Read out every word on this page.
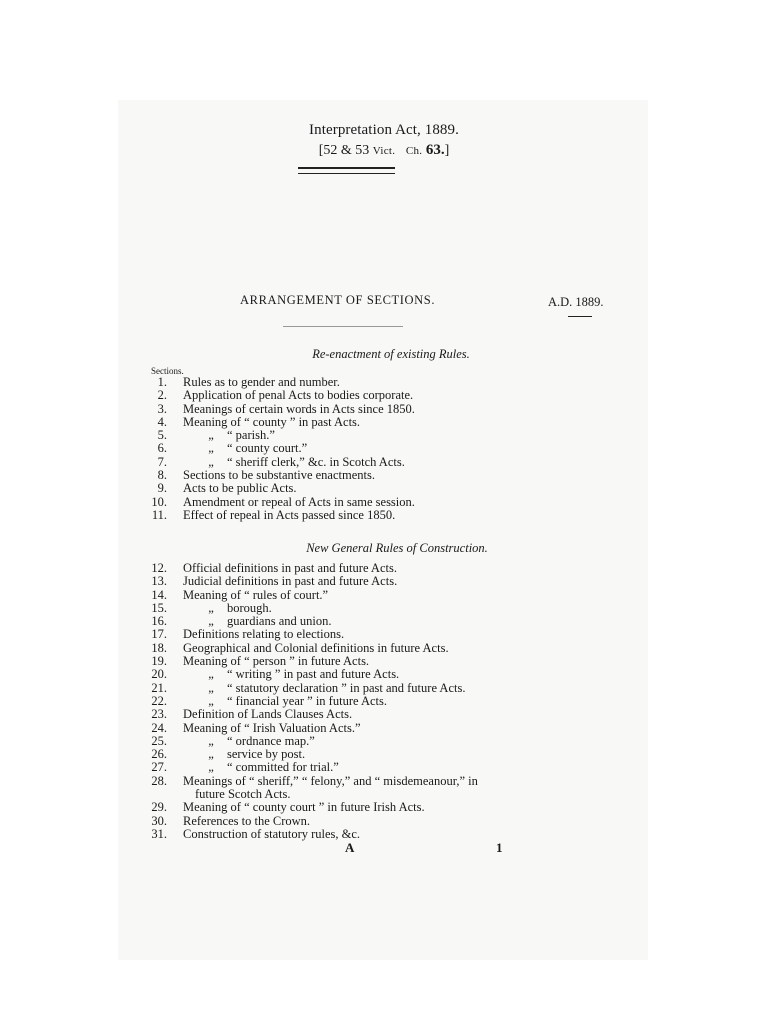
Interpretation Act, 1889.
[52 & 53 Vict. Ch. 63.]
ARRANGEMENT OF SECTIONS.	A.D. 1889.
Re-enactment of existing Rules.
Sections.
1. Rules as to gender and number.
2. Application of penal Acts to bodies corporate.
3. Meanings of certain words in Acts since 1850.
4. Meaning of “ county ” in past Acts.
5.	„ “ parish.”
6.	„ “ county court.”
7.	„ “ sheriff clerk,” &c. in Scotch Acts.
8. Sections to be substantive enactments.
9. Acts to be public Acts.
10. Amendment or repeal of Acts in same session.
11. Effect of repeal in Acts passed since 1850.
New General Rules of Construction.
12. Official definitions in past and future Acts.
13. Judicial definitions in past and future Acts.
14. Meaning of “ rules of court.”
15.	„ borough.
16.	„ guardians and union.
17. Definitions relating to elections.
18. Geographical and Colonial definitions in future Acts.
19. Meaning of “ person ” in future Acts.
20.	„ “ writing ” in past and future Acts.
21.	„ “ statutory declaration ” in past and future Acts.
22.	„ “ financial year ” in future Acts.
23. Definition of Lands Clauses Acts.
24. Meaning of “ Irish Valuation Acts.”
25.	„ “ ordnance map.”
26.	„ service by post.
27.	„ “ committed for trial.”
28. Meanings of “ sheriff,” “ felony,” and “ misdemeanour,” in
future Scotch Acts.
29. Meaning of “ county court ” in future Irish Acts.
30. References to the Crown.
31. Construction of statutory rules, &c.
A	1
